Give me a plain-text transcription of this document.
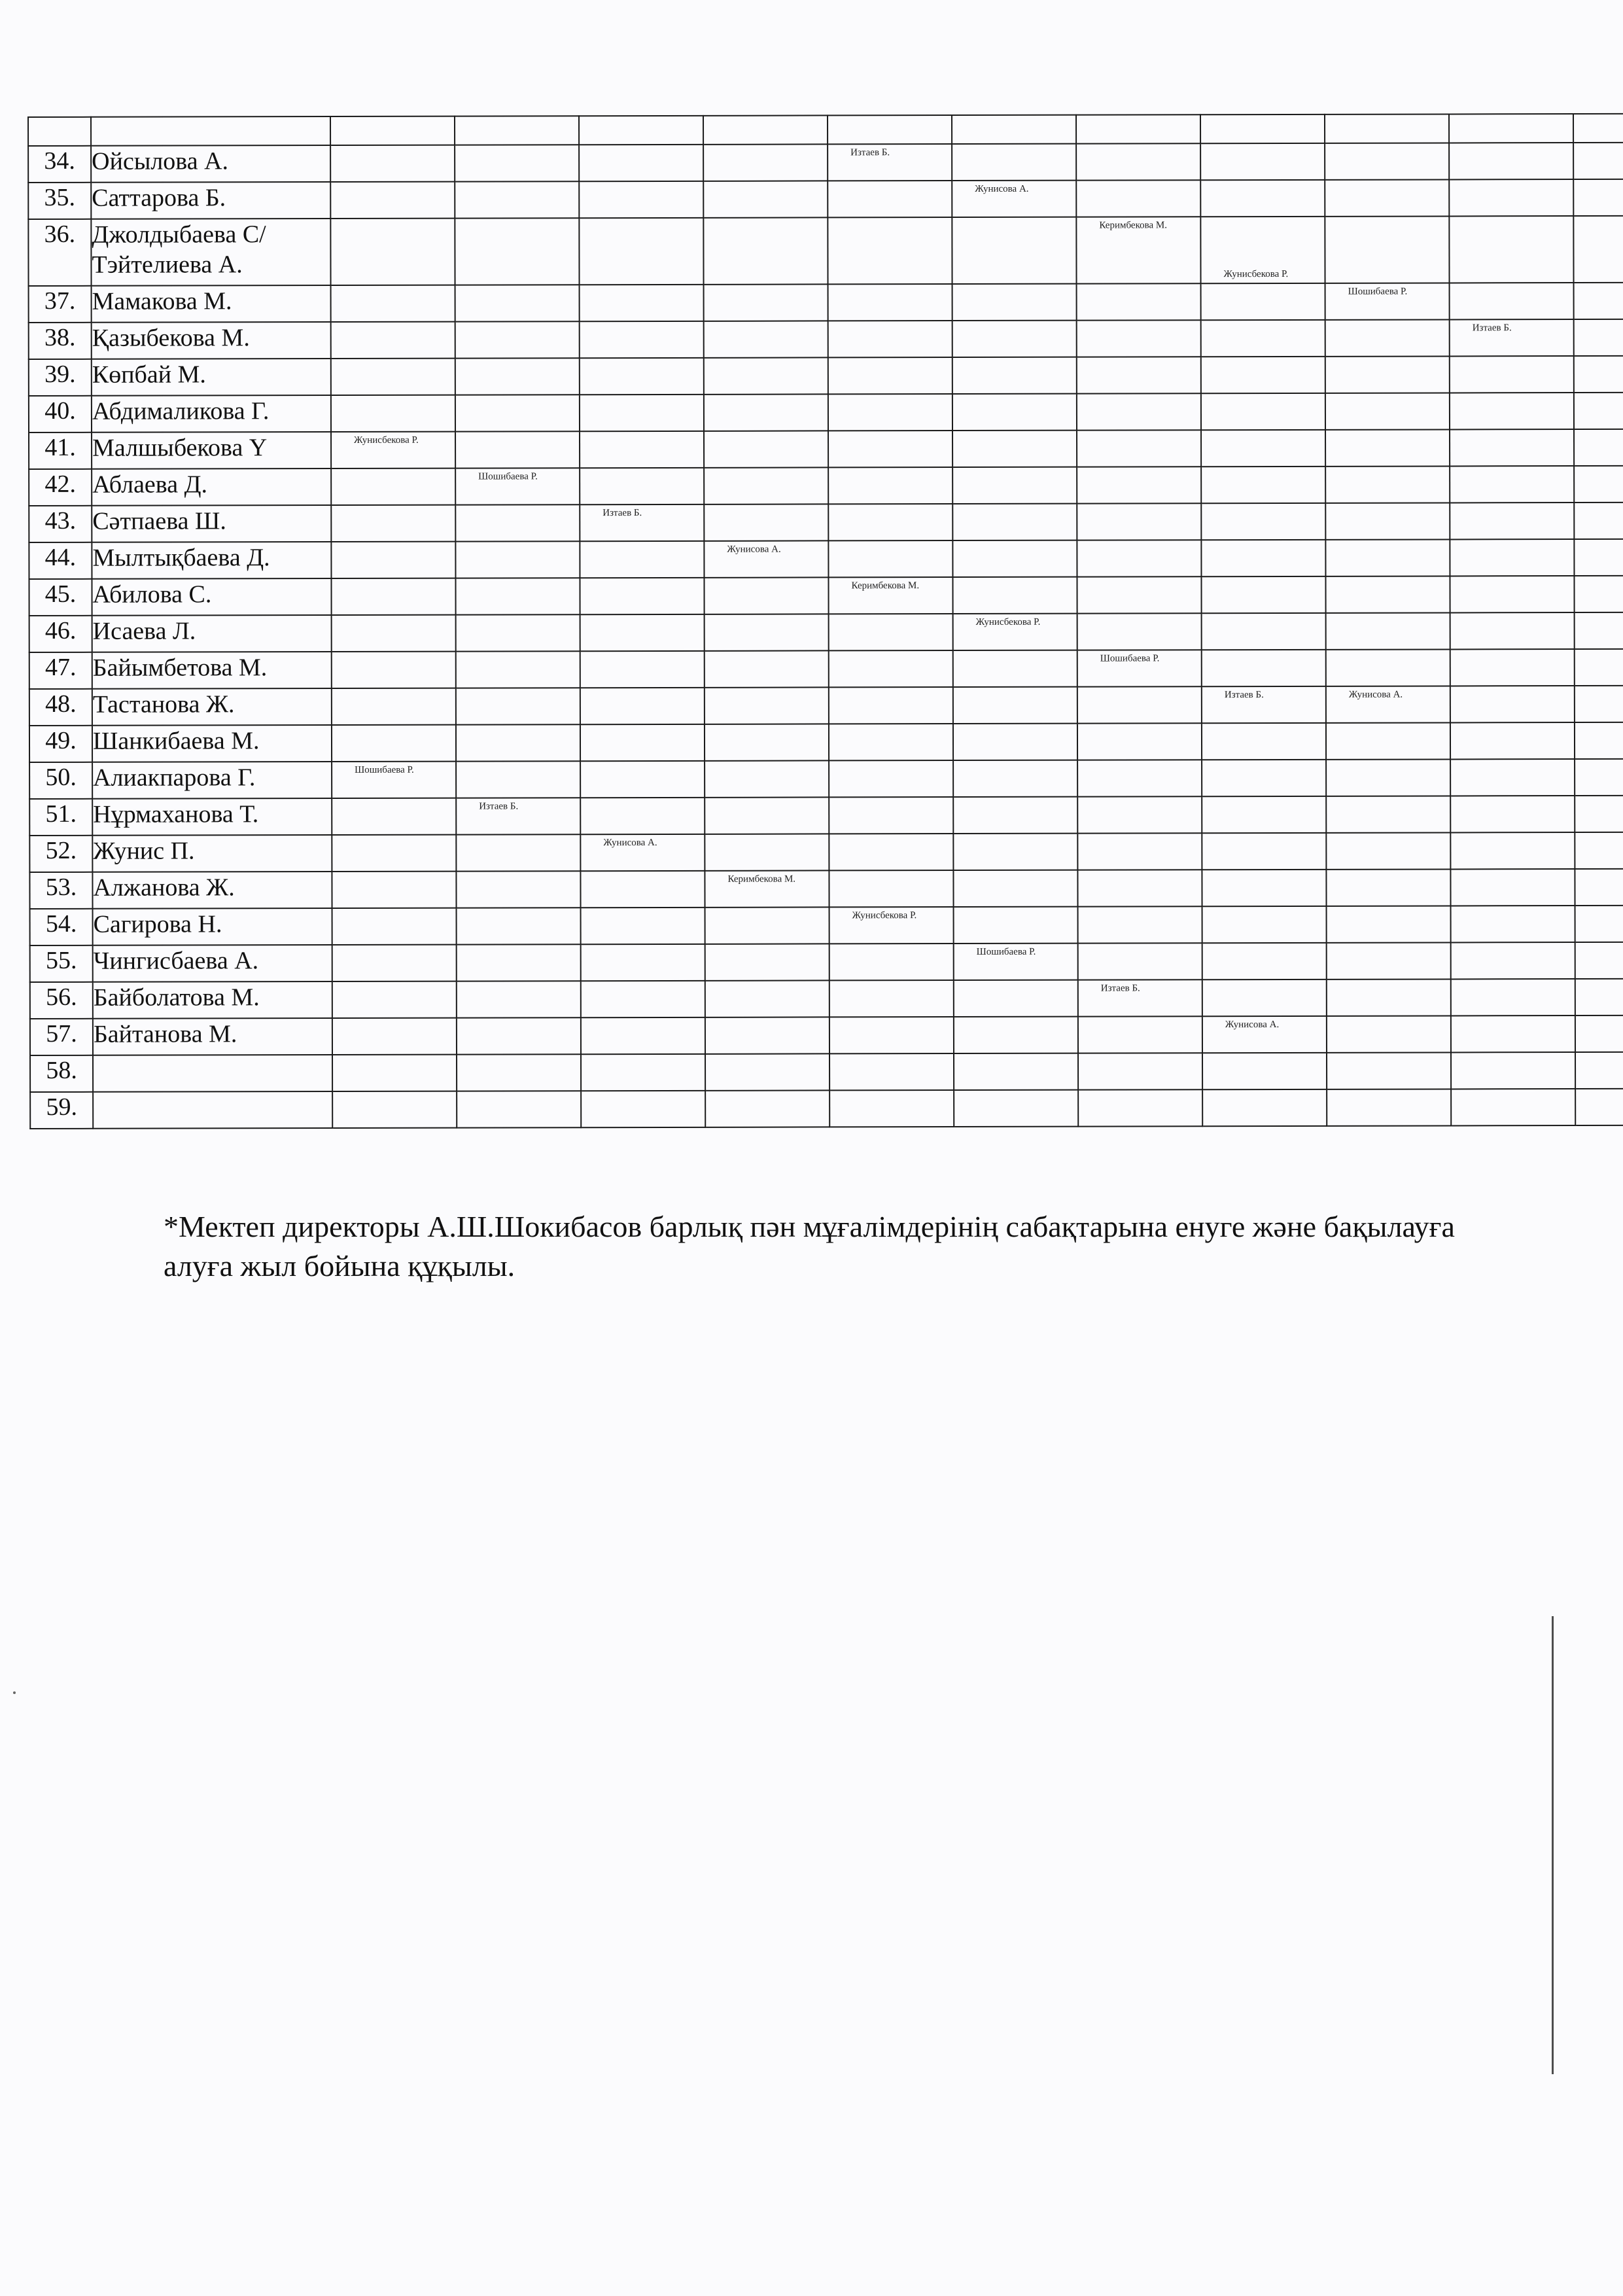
34.	Ойсылова А.					Изтаев Б.						

35.	Саттарова Б.						Жунисова А.					

36.	Джолдыбаева С/
Тэйтелиева А.							Керимбекова М.	Жунисбекова Р.			

37.	Мамакова М.									Шошибаева Р.		

38.	Қазыбекова М.										Изтаев Б.	

39.	Көпбай М.											
40.	Абдималикова Г.											
41.	Малшыбекова Ү	Жунисбекова Р.										

42.	Аблаева Д.		Шошибаева Р.									

43.	Сәтпаева Ш.			Изтаев Б.								

44.	Мылтықбаева Д.				Жунисова А.							

45.	Абилова С.					Керимбекова М.						

46.	Исаева Л.						Жунисбекова Р.					

47.	Байымбетова М.							Шошибаева Р.				

48.	Тастанова Ж.								Изтаев Б.	Жунисова А.		

49.	Шанкибаева М.											
50.	Алиакпарова Г.	Шошибаева Р.										

51.	Нұрмаханова Т.		Изтаев Б.									

52.	Жунис П.			Жунисова А.								

53.	Алжанова Ж.				Керимбекова М.							

54.	Сагирова Н.					Жунисбекова Р.						

55.	Чингисбаева А.						Шошибаева Р.					

56.	Байболатова М.							Изтаев Б.				

57.	Байтанова М.								Жунисова А.			

58.												
59.												
*Мектеп директоры А.Ш.Шокибасов барлық пән мұғалімдерінің сабақтарына енуге және бақылауға алуға жыл бойына құқылы.
